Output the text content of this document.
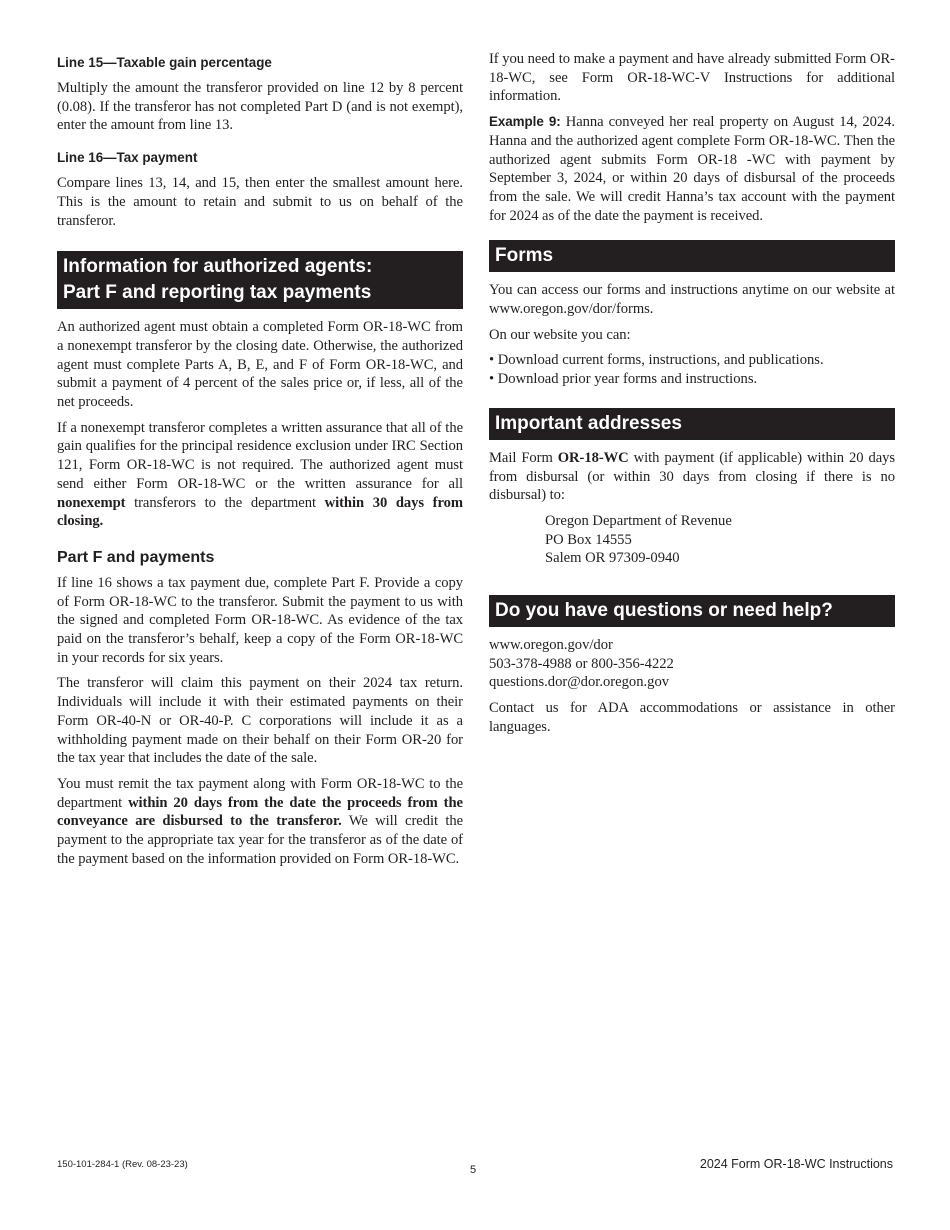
Line 15—Taxable gain percentage

Multiply the amount the transferor provided on line 12 by 8 percent (0.08). If the transferor has not completed Part D (and is not exempt), enter the amount from line 13.

Line 16—Tax payment

Compare lines 13, 14, and 15, then enter the smallest amount here. This is the amount to retain and submit to us on behalf of the transferor.

Information for authorized agents:
Part F and reporting tax payments

An authorized agent must obtain a completed Form OR-18-WC from a nonexempt transferor by the closing date. Otherwise, the authorized agent must complete Parts A, B, E, and F of Form OR-18-WC, and submit a payment of 4 percent of the sales price or, if less, all of the net proceeds.

If a nonexempt transferor completes a written assurance that all of the gain qualifies for the principal residence exclusion under IRC Section 121, Form OR-18-WC is not required. The authorized agent must send either Form OR-18-WC or the written assurance for all nonexempt transferors to the department within 30 days from closing.

Part F and payments

If line 16 shows a tax payment due, complete Part F. Provide a copy of Form OR-18-WC to the transferor. Submit the payment to us with the signed and completed Form OR-18-WC. As evidence of the tax paid on the transferor’s behalf, keep a copy of the Form OR-18-WC in your records for six years.

The transferor will claim this payment on their 2024 tax return. Individuals will include it with their estimated payments on their Form OR-40-N or OR-40-P. C corporations will include it as a withholding payment made on their behalf on their Form OR-20 for the tax year that includes the date of the sale.

You must remit the tax payment along with Form OR-18-WC to the department within 20 days from the date the proceeds from the conveyance are disbursed to the transferor. We will credit the payment to the appropriate tax year for the transferor as of the date of the payment based on the information provided on Form OR-18-WC.

If you need to make a payment and have already submitted Form OR-18-WC, see Form OR-18-WC-V Instructions for additional information.

Example 9: Hanna conveyed her real property on August 14, 2024. Hanna and the authorized agent complete Form OR-18-WC. Then the authorized agent submits Form OR-18 -WC with payment by September 3, 2024, or within 20 days of disbursal of the proceeds from the sale. We will credit Hanna’s tax account with the payment for 2024 as of the date the payment is received.

Forms

You can access our forms and instructions anytime on our website at www.oregon.gov/dor/forms.

On our website you can:

• Download current forms, instructions, and publications.
• Download prior year forms and instructions.
Important addresses

Mail Form OR-18-WC with payment (if applicable) within 20 days from disbursal (or within 30 days from closing if there is no disbursal) to:

Oregon Department of Revenue
PO Box 14555
Salem OR 97309-0940
Do you have questions or need help?
www.oregon.gov/dor
503-378-4988 or 800-356-4222
questions.dor@dor.oregon.gov

Contact us for ADA accommodations or assistance in other languages.

150-101-284-1 (Rev. 08-23-23)	5	2024 Form OR-18-WC Instructions
